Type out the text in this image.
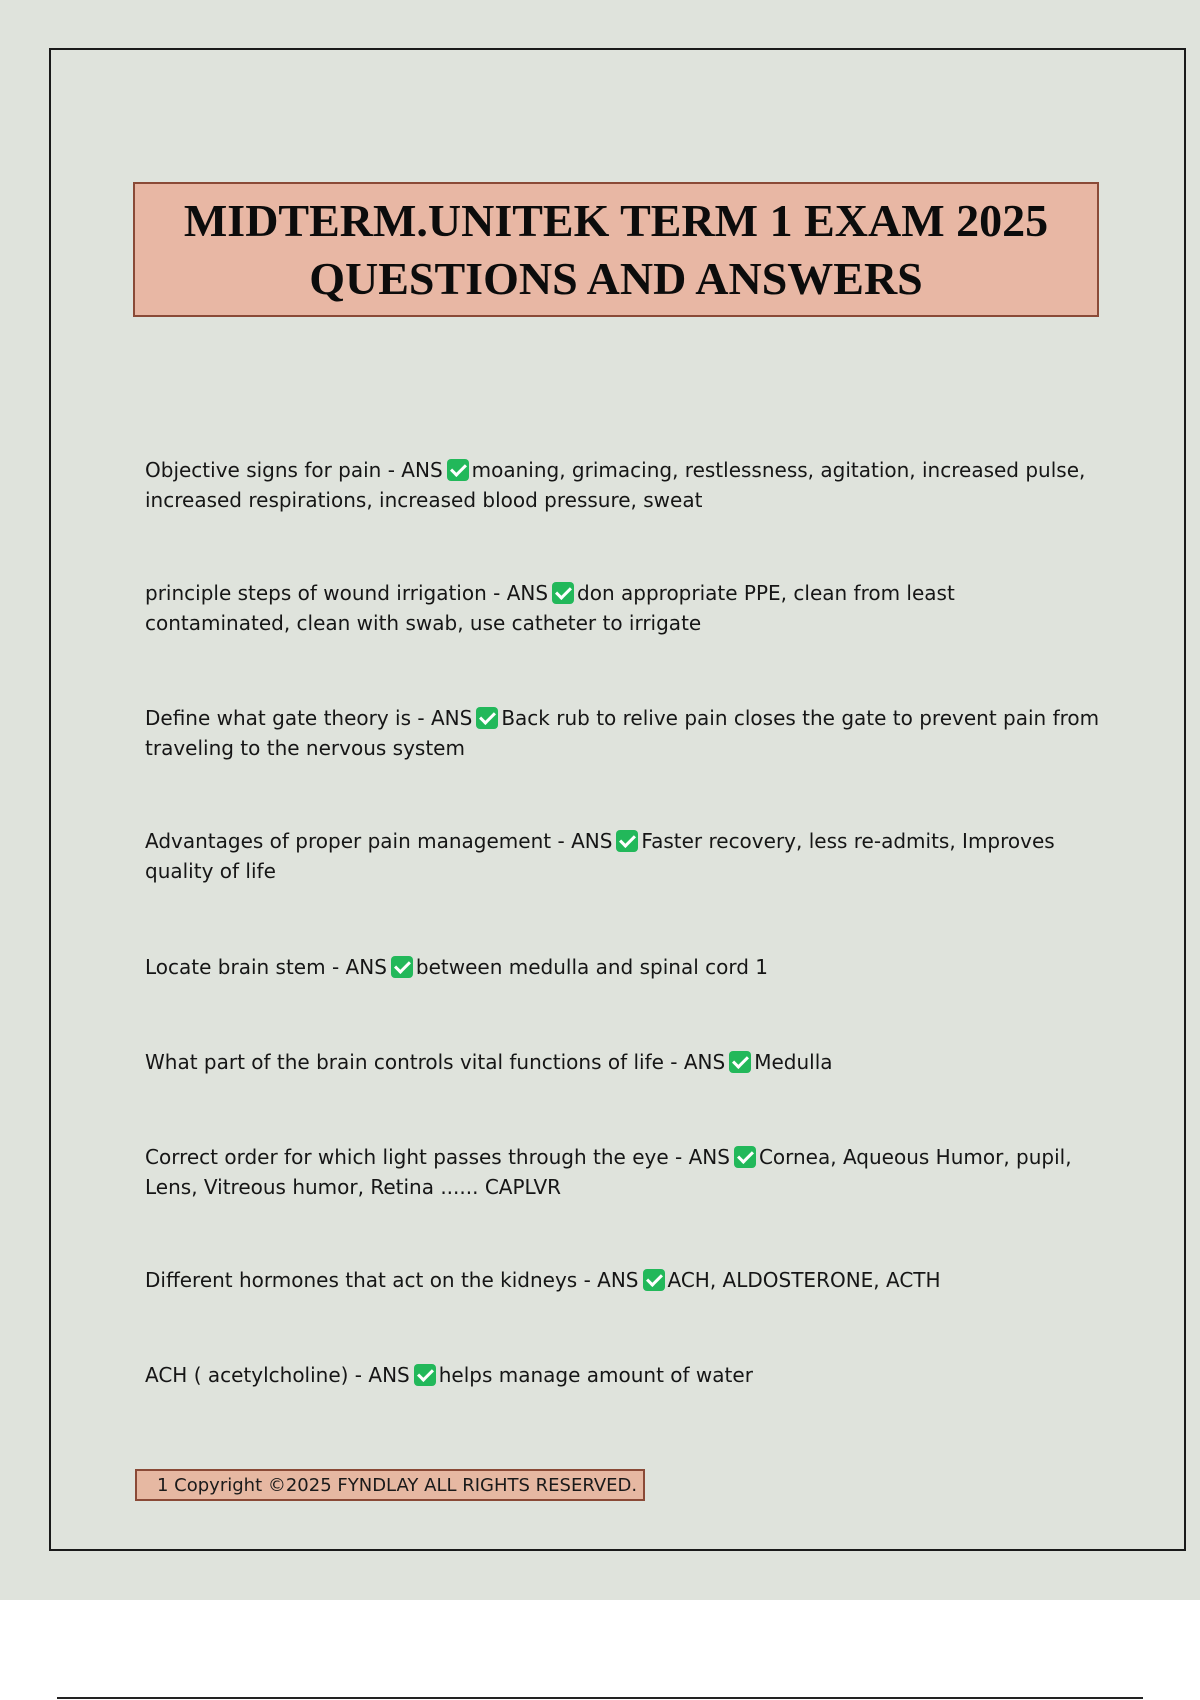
MIDTERM.UNITEK TERM 1 EXAM 2025
QUESTIONS AND ANSWERS
Objective signs for pain - ANS moaning, grimacing, restlessness, agitation, increased pulse, increased respirations, increased blood pressure, sweat
principle steps of wound irrigation - ANS don appropriate PPE, clean from least contaminated, clean with swab, use catheter to irrigate
Define what gate theory is - ANS Back rub to relive pain closes the gate to prevent pain from traveling to the nervous system
Advantages of proper pain management - ANS Faster recovery, less re-admits, Improves quality of life
Locate brain stem - ANS between medulla and spinal cord 1
What part of the brain controls vital functions of life - ANS Medulla
Correct order for which light passes through the eye - ANS Cornea, Aqueous Humor, pupil, Lens, Vitreous humor, Retina ...... CAPLVR
Different hormones that act on the kidneys - ANS ACH, ALDOSTERONE, ACTH
ACH ( acetylcholine) - ANS helps manage amount of water
1 Copyright ©2025 FYNDLAY ALL RIGHTS RESERVED.
